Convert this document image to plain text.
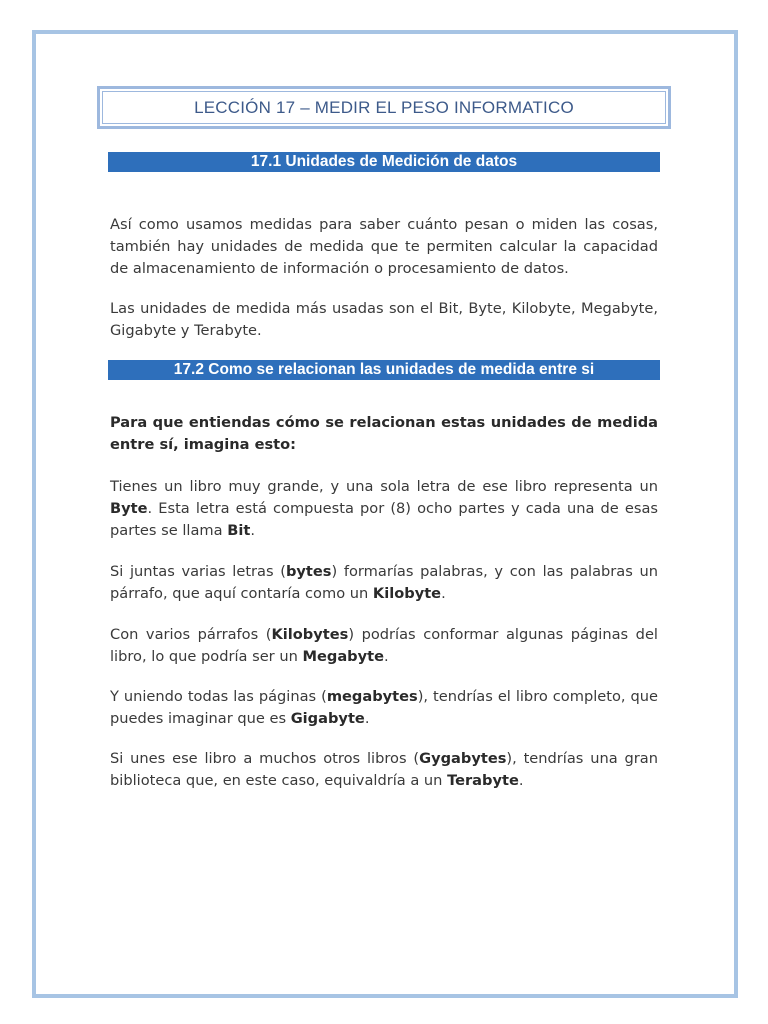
LECCIÓN 17 – MEDIR EL PESO INFORMATICO
17.1 Unidades de Medición de datos

Así como usamos medidas para saber cuánto pesan o miden las cosas, también hay unidades de medida que te permiten calcular la capacidad de almacenamiento de información o procesamiento de datos.

Las unidades de medida más usadas son el Bit, Byte, Kilobyte, Megabyte, Gigabyte y Terabyte.

17.2 Como se relacionan las unidades de medida entre si

Para que entiendas cómo se relacionan estas unidades de medida entre sí, imagina esto:

Tienes un libro muy grande, y una sola letra de ese libro representa un Byte. Esta letra está compuesta por (8) ocho partes y cada una de esas partes se llama Bit.

Si juntas varias letras (bytes) formarías palabras, y con las palabras un párrafo, que aquí contaría como un Kilobyte.

Con varios párrafos (Kilobytes) podrías conformar algunas páginas del libro, lo que podría ser un Megabyte.

Y uniendo todas las páginas (megabytes), tendrías el libro completo, que puedes imaginar que es Gigabyte.

Si unes ese libro a muchos otros libros (Gygabytes), tendrías una gran biblioteca que, en este caso, equivaldría a un Terabyte.
